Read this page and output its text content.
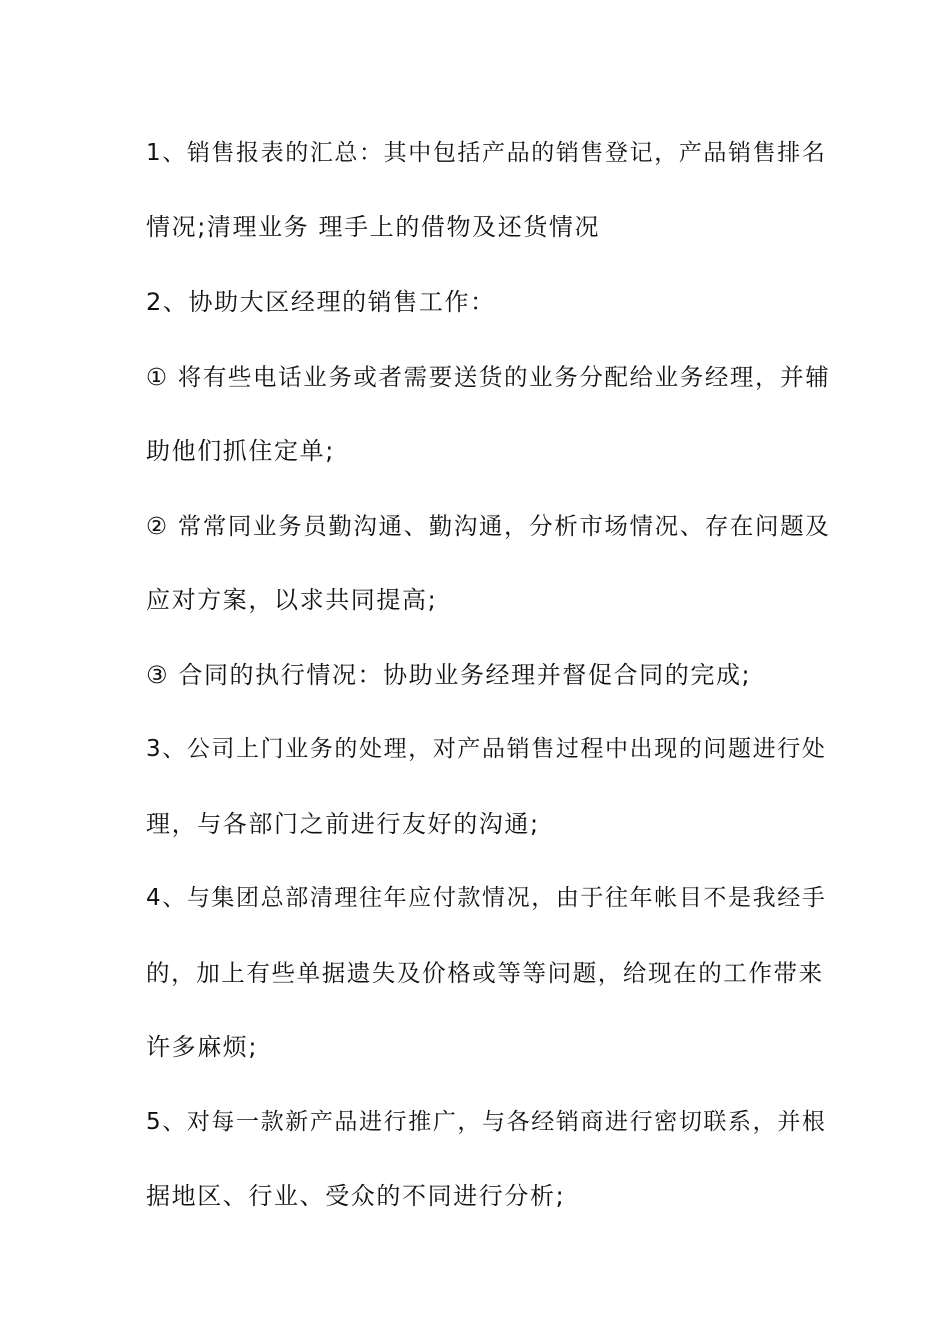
1、销售报表的汇总：其中包括产品的销售登记，产品销售排名
情况;清理业务 理手上的借物及还货情况
2、协助大区经理的销售工作：
① 将有些电话业务或者需要送货的业务分配给业务经理，并辅
助他们抓住定单;
② 常常同业务员勤沟通、勤沟通，分析市场情况、存在问题及
应对方案，以求共同提高;
③ 合同的执行情况：协助业务经理并督促合同的完成;
3、公司上门业务的处理，对产品销售过程中出现的问题进行处
理，与各部门之前进行友好的沟通;
4、与集团总部清理往年应付款情况，由于往年帐目不是我经手
的，加上有些单据遗失及价格或等等问题，给现在的工作带来
许多麻烦;
5、对每一款新产品进行推广，与各经销商进行密切联系，并根
据地区、行业、受众的不同进行分析;
